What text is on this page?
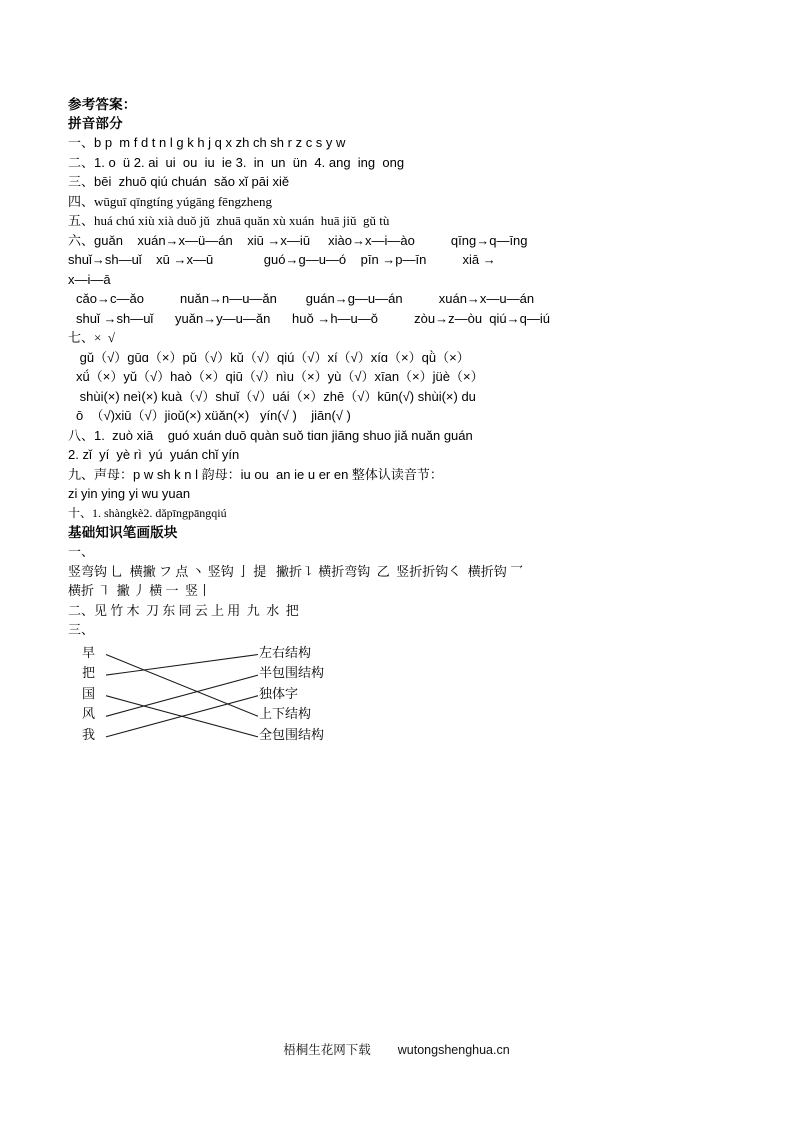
参考答案：
拼音部分
一、b p  m f d t n l g k h j q x zh ch sh r z c s y w
二、1. o  ü 2. ai  ui  ou  iu  ie 3.  in  un  ün  4. ang  ing  ong
三、bēi  zhuō qiú chuán  sǎo xǐ pāi xiě
四、wūguī qīngtíng yúgāng fēngzheng
五、huá chú xiù xià duǒ jǔ  zhuā quǎn xù xuán  huā jiǔ  gǔ tù
六、guǎn    xuán→x—ü—án    xiū →x—iū     xiào→x—i—ào          qīng→q—īng
shuǐ→sh—uǐ    xū →x—ū              guó→g—u—ó    pīn →p—īn          xiā →
x—i—ā
cǎo→c—ǎo          nuǎn→n—u—ǎn        guán→g—u—án          xuán→x—u—án
shuǐ →sh—uǐ      yuǎn→y—u—ǎn      huǒ →h—u—ǒ          zòu→z—òu  qiú→q—iú
七、×  √
gǔ（√）gūɑ（×）pǔ（√）kǔ（√）qiú（√）xí（√）xíɑ（×）qǜ（×）
xǘ（×）yǔ（√）haò（×）qiū（√）nìu（×）yù（√）xīan（×）jüè（×）
shùi(×) neì(×) kuà（√）shuǐ（√）uái（×）zhē（√）kūn(√) shùi(×) du
ō  （√)xiū（√）jioǔ(×) xüǎn(×)   yín(√ )    jiān(√ )
八、1.  zuò xiā    guó xuán duō quàn suǒ tiɑn jiānɡ shuo jiǎ nuǎn guán
2. zǐ  yí  yè rì  yú  yuán chǐ yín
九、声母：p w sh k n l 韵母：iu ou  an ie u er en 整体认读音节：
zi yin ying yi wu yuan
十、1. shàngkè2. dǎpīngpāngqiú
基础知识笔画版块
一、
竖弯钩 乚  横撇 フ 点 丶 竖钩 亅 提   撇折㇊ 横折弯钩  乙  竖折折钩㇛  横折钩 乛
横折 ㇕  撇 丿 横 一  竖丨
二、见 竹 木  刀 东 同 云 上 用  九  水  把
三、
早
把
国
风
我
左右结构
半包围结构
独体字
上下结构
全包围结构
梧桐生花网下载 wutongshenghua.cn
